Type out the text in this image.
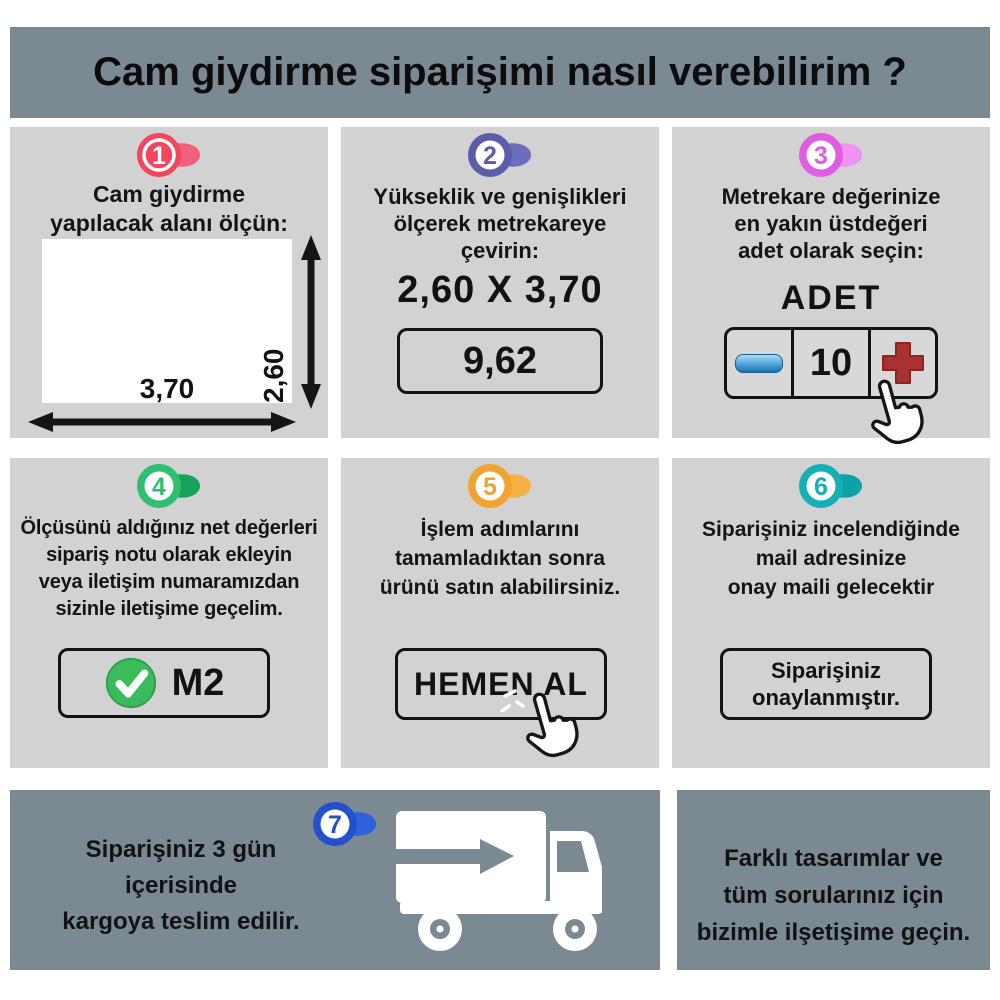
Cam giydirme siparişimi nasıl verebilirim ?
1
Cam giydirme
yapılacak alanı ölçün:
3,70	2,60
2
Yükseklik ve genişlikleri
ölçerek metrekareye
çevirin:
2,60 X 3,70
9,62
3
Metrekare değerinize
en yakın üstdeğeri
adet olarak seçin:
ADET
10
4
Ölçüsünü aldığınız net değerleri
sipariş notu olarak ekleyin
veya iletişim numaramızdan
sizinle iletişime geçelim.
M2
5
İşlem adımlarını
tamamladıktan sonra
ürünü satın alabilirsiniz.
HEMEN AL
6
Siparişiniz incelendiğinde
mail adresinize
onay maili gelecektir
Siparişiniz
onaylanmıştır.
Siparişiniz 3 gün
içerisinde
kargoya teslim edilir.
7
Farklı tasarımlar ve
tüm sorularınız için
bizimle ilşetişime geçin.
